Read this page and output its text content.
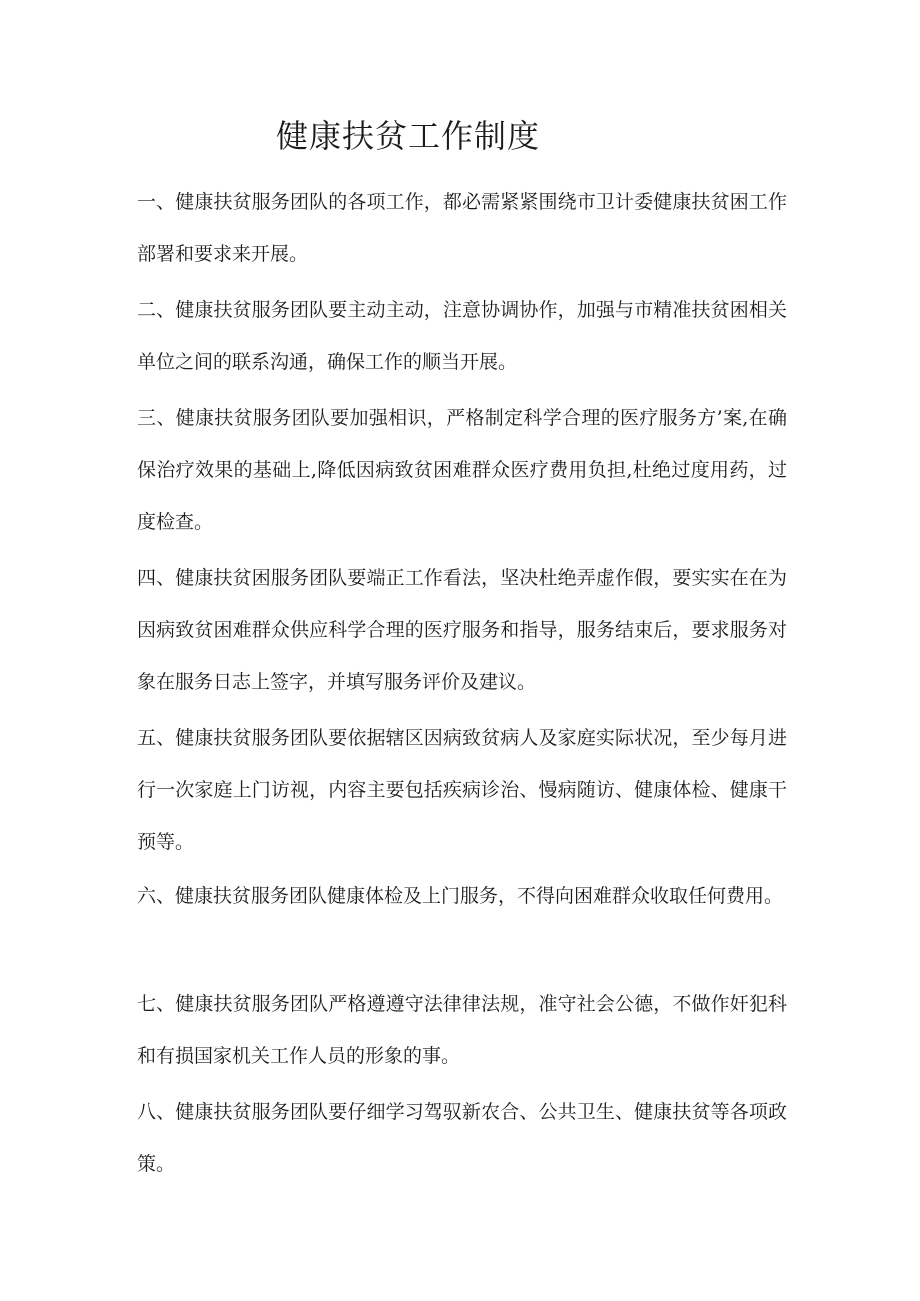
健康扶贫工作制度

一、健康扶贫服务团队的各项工作，都必需紧紧围绕市卫计委健康扶贫困工作部署和要求来开展。

二、健康扶贫服务团队要主动主动，注意协调协作，加强与市精准扶贫困相关单位之间的联系沟通，确保工作的顺当开展。

三、健康扶贫服务团队要加强相识，严格制定科学合理的医疗服务方’案,在确保治疗效果的基础上,降低因病致贫困难群众医疗费用负担,杜绝过度用药，过度检查。

四、健康扶贫困服务团队要端正工作看法，坚决杜绝弄虚作假，要实实在在为因病致贫困难群众供应科学合理的医疗服务和指导，服务结束后，要求服务对象在服务日志上签字，并填写服务评价及建议。

五、健康扶贫服务团队要依据辖区因病致贫病人及家庭实际状况，至少每月进行一次家庭上门访视，内容主要包括疾病诊治、慢病随访、健康体检、健康干预等。

六、健康扶贫服务团队健康体检及上门服务，不得向困难群众收取任何费用。

七、健康扶贫服务团队严格遵遵守法律律法规，准守社会公德，不做作奸犯科和有损国家机关工作人员的形象的事。

八、健康扶贫服务团队要仔细学习驾驭新农合、公共卫生、健康扶贫等各项政策。
